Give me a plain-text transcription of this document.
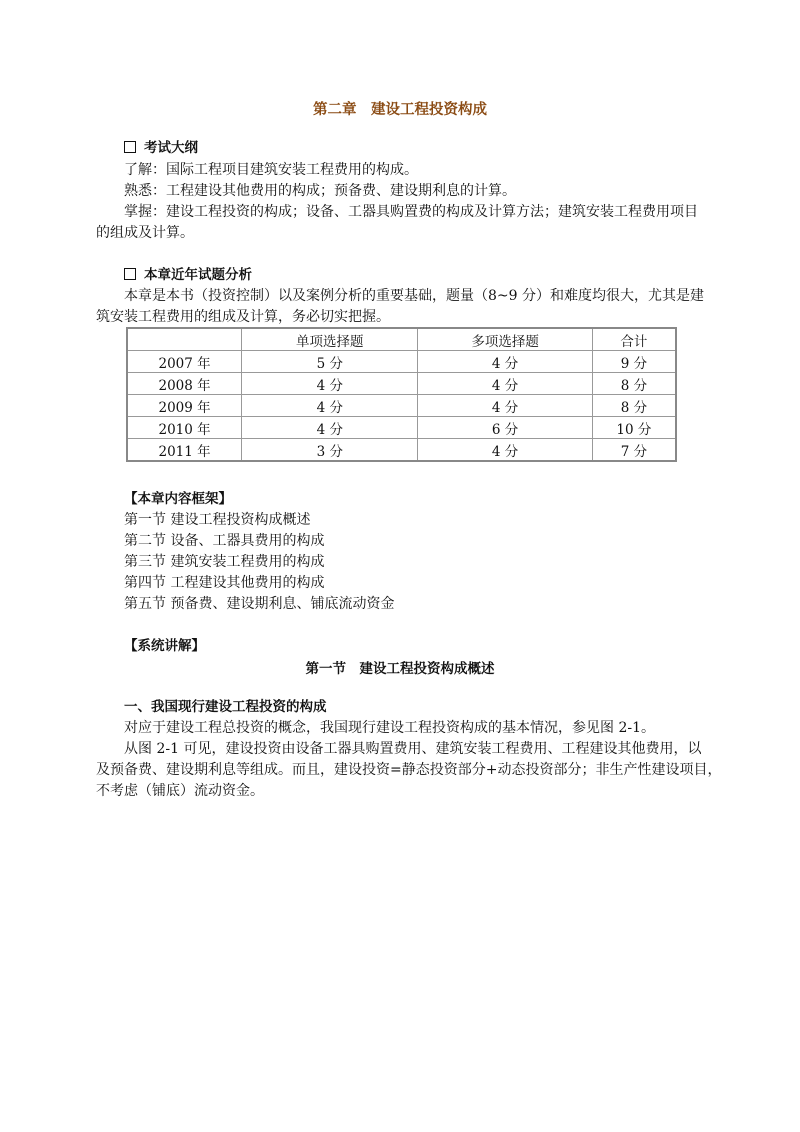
第二章　建设工程投资构成
考试大纲
了解：国际工程项目建筑安装工程费用的构成。
熟悉：工程建设其他费用的构成；预备费、建设期利息的计算。
掌握：建设工程投资的构成；设备、工器具购置费的构成及计算方法；建筑安装工程费用项目
的组成及计算。
本章近年试题分析
本章是本书（投资控制）以及案例分析的重要基础，题量（8~9 分）和难度均很大，尤其是建
筑安装工程费用的组成及计算，务必切实把握。
	单项选择题	多项选择题	合计
2007 年	5 分	4 分	9 分
2008 年	4 分	4 分	8 分
2009 年	4 分	4 分	8 分
2010 年	4 分	6 分	10 分
2011 年	3 分	4 分	7 分
【本章内容框架】
第一节 建设工程投资构成概述
第二节 设备、工器具费用的构成
第三节 建筑安装工程费用的构成
第四节 工程建设其他费用的构成
第五节 预备费、建设期利息、铺底流动资金
【系统讲解】
第一节　建设工程投资构成概述
一、我国现行建设工程投资的构成
对应于建设工程总投资的概念，我国现行建设工程投资构成的基本情况，参见图 2-1。
从图 2-1 可见，建设投资由设备工器具购置费用、建筑安装工程费用、工程建设其他费用，以
及预备费、建设期利息等组成。而且，建设投资=静态投资部分+动态投资部分；非生产性建设项目，
不考虑（铺底）流动资金。
